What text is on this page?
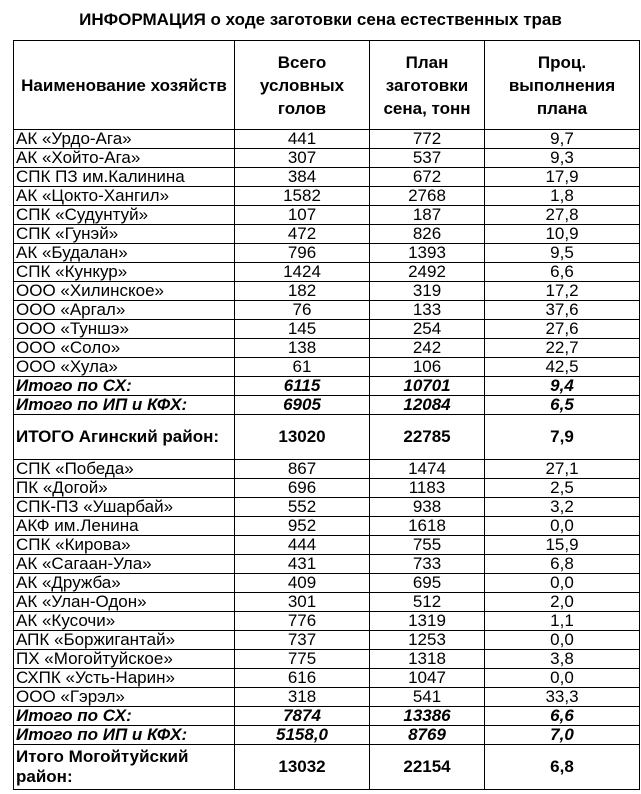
ИНФОРМАЦИЯ о ходе заготовки сена естественных трав
Наименование хозяйств	Всего условных голов	План заготовки сена, тонн	Проц. выполнения плана
АК «Урдо-Ага»	441	772	9,7
АК «Хойто-Ага»	307	537	9,3
СПК ПЗ им.Калинина	384	672	17,9
АК «Цокто-Хангил»	1582	2768	1,8
СПК «Судунтуй»	107	187	27,8
СПК «Гунэй»	472	826	10,9
АК «Будалан»	796	1393	9,5
СПК «Кункур»	1424	2492	6,6
ООО «Хилинское»	182	319	17,2
ООО «Аргал»	76	133	37,6
ООО «Туншэ»	145	254	27,6
ООО «Соло»	138	242	22,7
ООО «Хула»	61	106	42,5
Итого по СХ:	6115	10701	9,4
Итого по ИП и КФХ:	6905	12084	6,5
ИТОГО Агинский район:	13020	22785	7,9
СПК «Победа»	867	1474	27,1
ПК «Догой»	696	1183	2,5
СПК-ПЗ «Ушарбай»	552	938	3,2
АКФ им.Ленина	952	1618	0,0
СПК «Кирова»	444	755	15,9
АК «Сагаан-Ула»	431	733	6,8
АК «Дружба»	409	695	0,0
АК «Улан-Одон»	301	512	2,0
АК «Кусочи»	776	1319	1,1
АПК «Боржигантай»	737	1253	0,0
ПХ «Могойтуйское»	775	1318	3,8
СХПК «Усть-Нарин»	616	1047	0,0
ООО «Гэрэл»	318	541	33,3
Итого по СХ:	7874	13386	6,6
Итого по ИП и КФХ:	5158,0	8769	7,0
Итого Могойтуйский район:	13032	22154	6,8
